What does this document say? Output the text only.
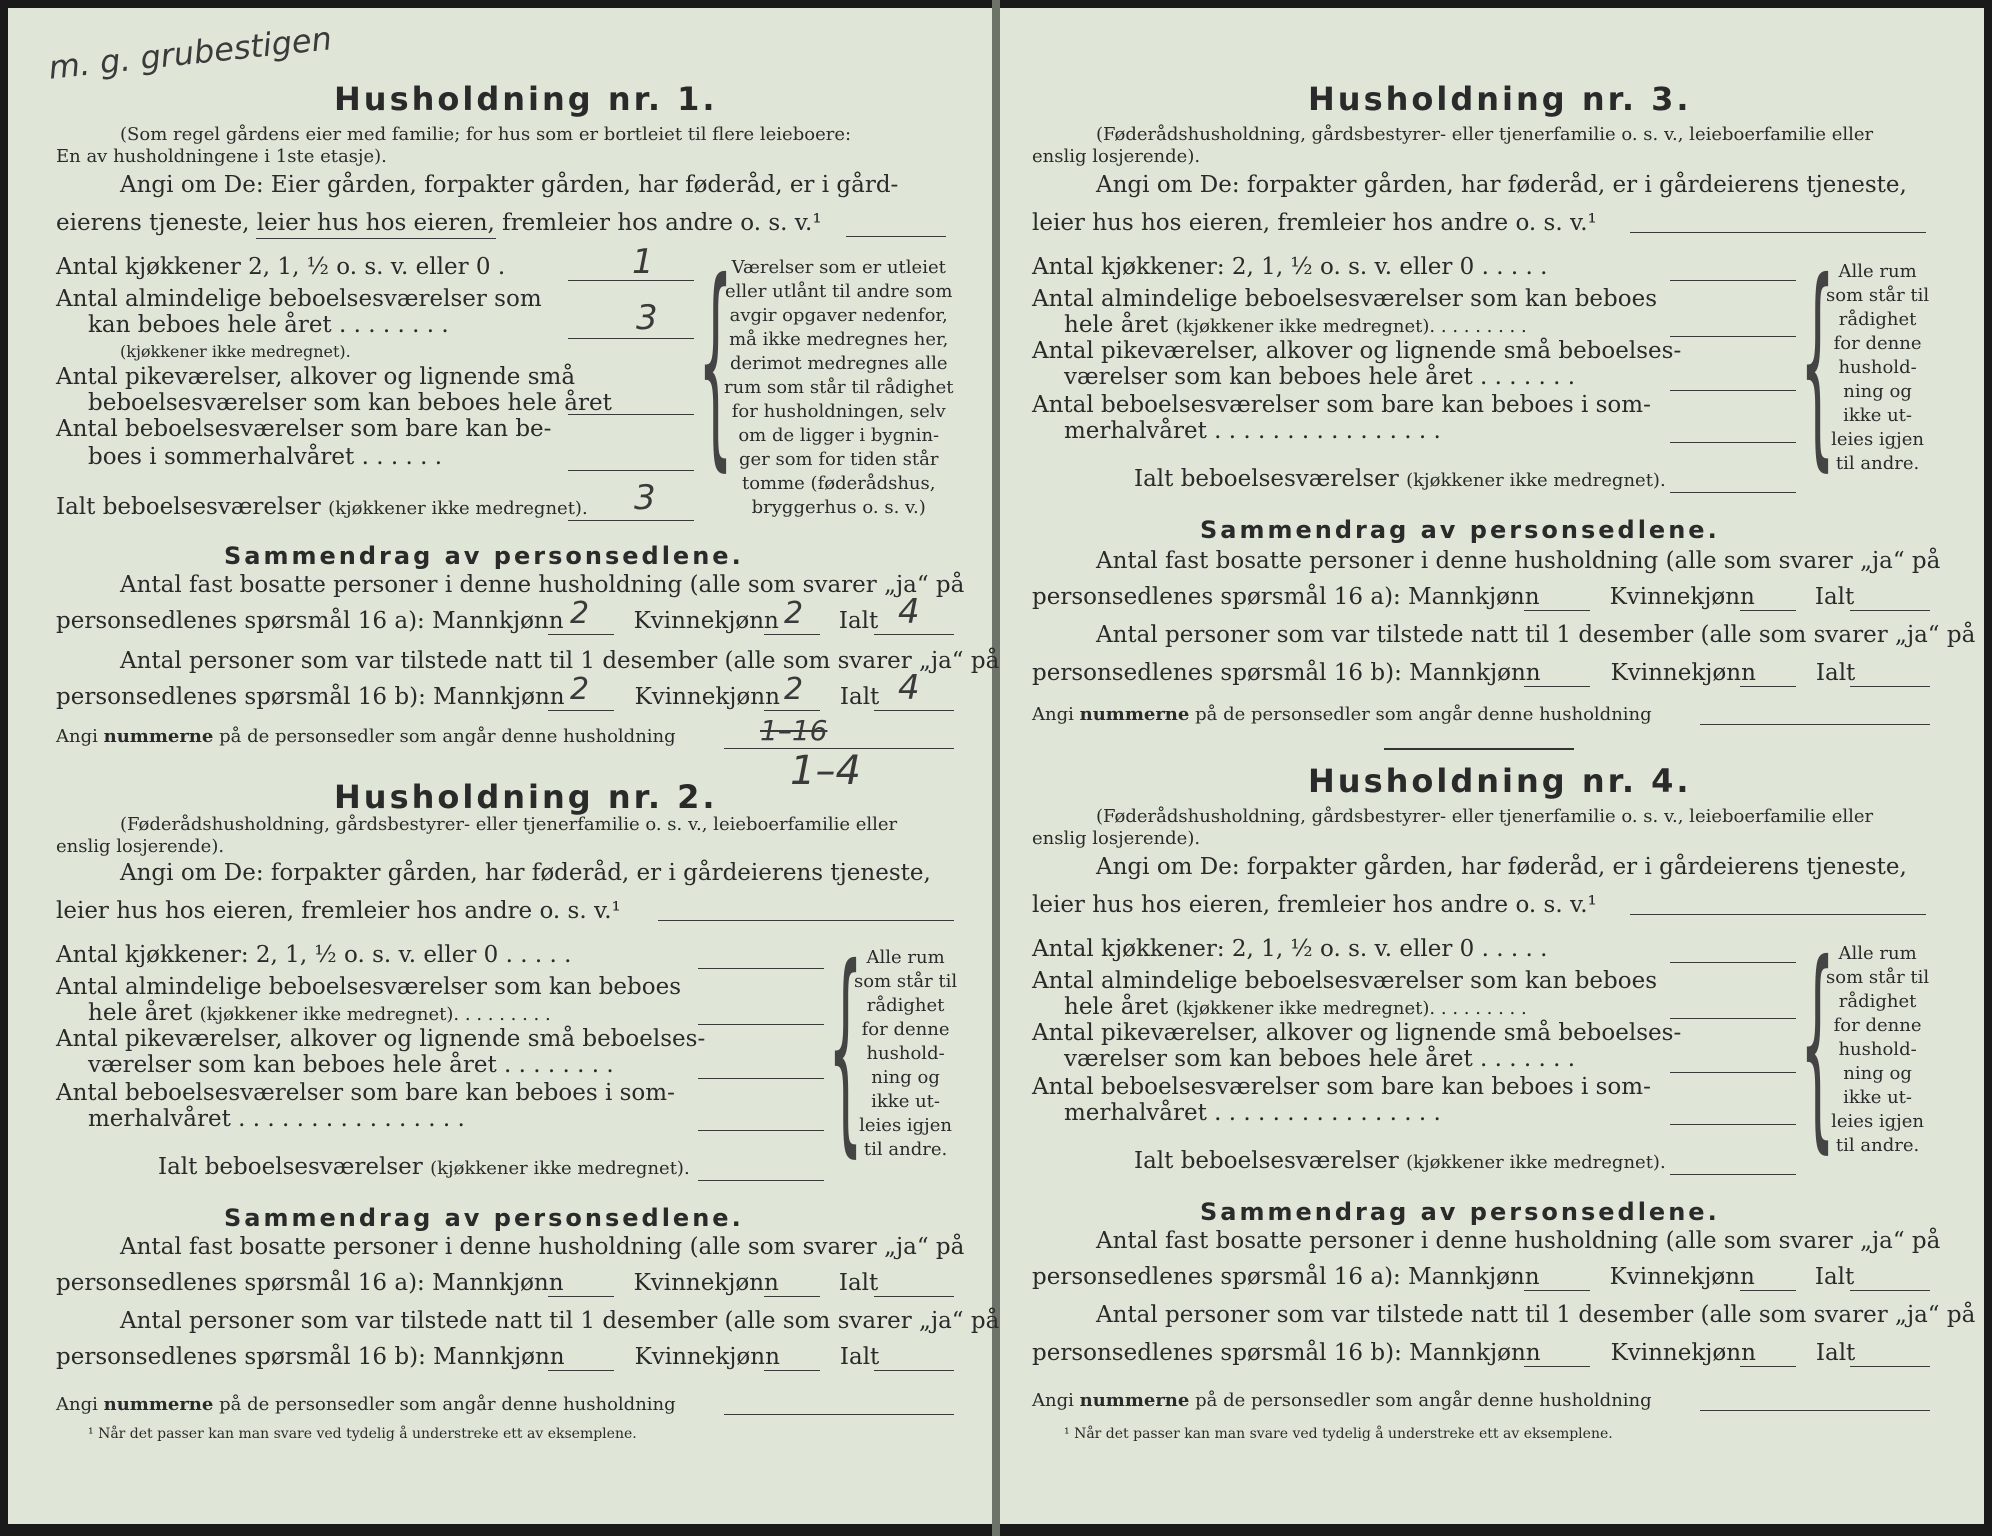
m. g. grubestigen
Husholdning nr. 1.
(Som regel gårdens eier med familie; for hus som er bortleiet til flere leieboere:
En av husholdningene i 1ste etasje).
Angi om De: Eier gården, forpakter gården, har føderåd, er i gård-
eierens tjeneste, leier hus hos eieren, fremleier hos andre o. s. v.¹
Antal kjøkkener 2, 1, ½ o. s. v. eller 0 .	1
Antal almindelige beboelsesværelser som
kan beboes hele året . . . . . . . .	3
(kjøkkener ikke medregnet).
Antal pikeværelser, alkover og lignende små
beboelsesværelser som kan beboes hele året
Antal beboelsesværelser som bare kan be-
boes i sommerhalvåret . . . . . .
Ialt beboelsesværelser (kjøkkener ikke medregnet). 3
{
Værelser som er utleiet
eller utlånt til andre som
avgir opgaver nedenfor,
må ikke medregnes her,
derimot medregnes alle
rum som står til rådighet
for husholdningen, selv
om de ligger i bygnin-
ger som for tiden står
tomme (føderådshus,
bryggerhus o. s. v.)
Sammendrag av personsedlene.
Antal fast bosatte personer i denne husholdning (alle som svarer „ja“ på
personsedlenes spørsmål 16 a): Mannkjønn	Kvinnekjønn	Ialt
2	2	4
Antal personer som var tilstede natt til 1 desember (alle som svarer „ja“ på
personsedlenes spørsmål 16 b): Mannkjønn	Kvinnekjønn	Ialt
2	2	4
Angi nummerne på de personsedler som angår denne husholdning	1–16
1–4
Husholdning nr. 2.
(Føderådshusholdning, gårdsbestyrer- eller tjenerfamilie o. s. v., leieboerfamilie eller
enslig losjerende).
Angi om De: forpakter gården, har føderåd, er i gårdeierens tjeneste,
leier hus hos eieren, fremleier hos andre o. s. v.¹
Antal kjøkkener: 2, 1, ½ o. s. v. eller 0 . . . . .
Antal almindelige beboelsesværelser som kan beboes
hele året (kjøkkener ikke medregnet). . . . . . . . .
Antal pikeværelser, alkover og lignende små beboelses-
værelser som kan beboes hele året . . . . . . . .
Antal beboelsesværelser som bare kan beboes i som-
merhalvåret . . . . . . . . . . . . . . . .
Ialt beboelsesværelser (kjøkkener ikke medregnet). { Alle rum
som står til
rådighet
for denne
hushold-
ning og
ikke ut-
leies igjen
til andre.
Sammendrag av personsedlene.
Antal fast bosatte personer i denne husholdning (alle som svarer „ja“ på
personsedlenes spørsmål 16 a): Mannkjønn	Kvinnekjønn	Ialt
Antal personer som var tilstede natt til 1 desember (alle som svarer „ja“ på
personsedlenes spørsmål 16 b): Mannkjønn	Kvinnekjønn	Ialt
Angi nummerne på de personsedler som angår denne husholdning
¹ Når det passer kan man svare ved tydelig å understreke ett av eksemplene.
Husholdning nr. 3.
(Føderådshusholdning, gårdsbestyrer- eller tjenerfamilie o. s. v., leieboerfamilie eller
enslig losjerende).
Angi om De: forpakter gården, har føderåd, er i gårdeierens tjeneste,
leier hus hos eieren, fremleier hos andre o. s. v.¹
Antal kjøkkener: 2, 1, ½ o. s. v. eller 0 . . . . .
Antal almindelige beboelsesværelser som kan beboes
hele året (kjøkkener ikke medregnet). . . . . . . . .
Antal pikeværelser, alkover og lignende små beboelses-
værelser som kan beboes hele året . . . . . . .
Antal beboelsesværelser som bare kan beboes i som-
merhalvåret . . . . . . . . . . . . . . . .
Ialt beboelsesværelser (kjøkkener ikke medregnet). { Alle rum
som står til
rådighet
for denne
hushold-
ning og
ikke ut-
leies igjen
til andre.
Sammendrag av personsedlene.
Antal fast bosatte personer i denne husholdning (alle som svarer „ja“ på
personsedlenes spørsmål 16 a): Mannkjønn	Kvinnekjønn	Ialt
Antal personer som var tilstede natt til 1 desember (alle som svarer „ja“ på
personsedlenes spørsmål 16 b): Mannkjønn	Kvinnekjønn	Ialt
Angi nummerne på de personsedler som angår denne husholdning
Husholdning nr. 4.
(Føderådshusholdning, gårdsbestyrer- eller tjenerfamilie o. s. v., leieboerfamilie eller
enslig losjerende).
Angi om De: forpakter gården, har føderåd, er i gårdeierens tjeneste,
leier hus hos eieren, fremleier hos andre o. s. v.¹
Antal kjøkkener: 2, 1, ½ o. s. v. eller 0 . . . . .
Antal almindelige beboelsesværelser som kan beboes
hele året (kjøkkener ikke medregnet). . . . . . . . .
Antal pikeværelser, alkover og lignende små beboelses-
værelser som kan beboes hele året . . . . . . .
Antal beboelsesværelser som bare kan beboes i som-
merhalvåret . . . . . . . . . . . . . . . .
Ialt beboelsesværelser (kjøkkener ikke medregnet). { Alle rum
som står til
rådighet
for denne
hushold-
ning og
ikke ut-
leies igjen
til andre.
Sammendrag av personsedlene.
Antal fast bosatte personer i denne husholdning (alle som svarer „ja“ på
personsedlenes spørsmål 16 a): Mannkjønn	Kvinnekjønn	Ialt
Antal personer som var tilstede natt til 1 desember (alle som svarer „ja“ på
personsedlenes spørsmål 16 b): Mannkjønn	Kvinnekjønn	Ialt
Angi nummerne på de personsedler som angår denne husholdning
¹ Når det passer kan man svare ved tydelig å understreke ett av eksemplene.
